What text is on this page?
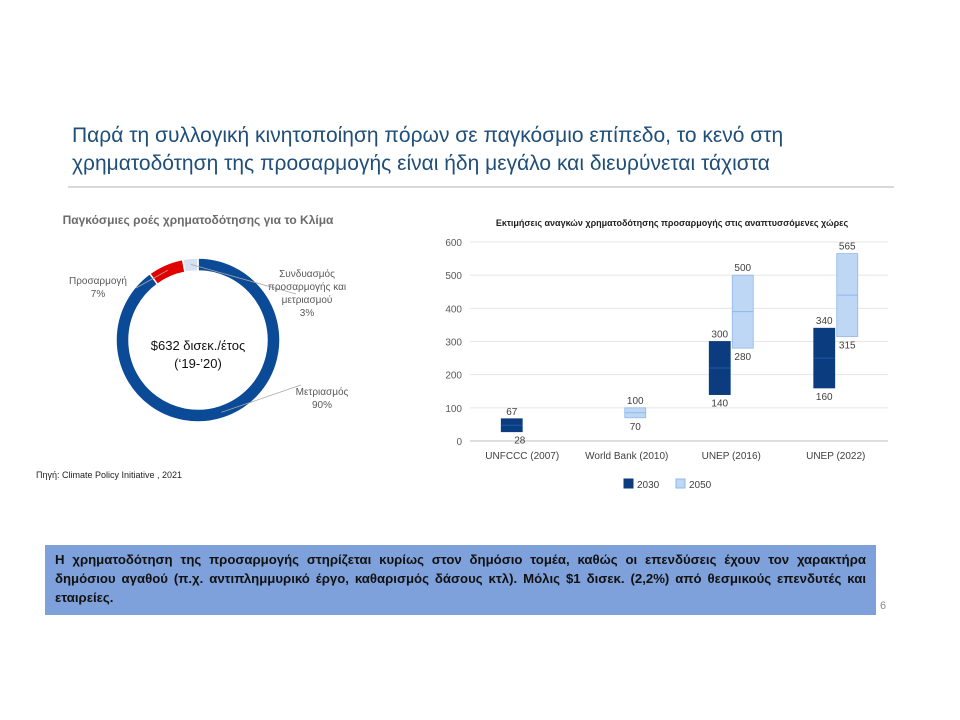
Παρά τη συλλογική κινητοποίηση πόρων σε παγκόσμιο επίπεδο, το κενό στη χρηματοδότηση της προσαρμογής είναι ήδη μεγάλο και διευρύνεται τάχιστα
Παγκόσμιες ροές χρηματοδότησης για το Κλίμα
$632 δισεκ./έτος
(‘19-’20)
Προσαρμογή
7%
Συνδυασμός προσαρμογής και μετριασμού
3%
Μετριασμός
90%
Πηγή: Climate Policy Initiative , 2021
Εκτιμήσεις αναγκών χρηματοδότησης προσαρμογής στις αναπτυσσόμενες χώρες
0
100
200
300
400
500
600
67
28
100
70
300
140
500
280
340
160
565
315
UNFCCC (2007)	World Bank (2010)	UNEP (2016)	UNEP (2022)
2030	2050
Η χρηματοδότηση της προσαρμογής στηρίζεται κυρίως στον δημόσιο τομέα, καθώς οι επενδύσεις έχουν τον χαρακτήρα δημόσιου αγαθού (π.χ. αντιπλημμυρικό έργο, καθαρισμός δάσους κτλ). Μόλις $1 δισεκ. (2,2%) από θεσμικούς επενδυτές και εταιρείες.
6
